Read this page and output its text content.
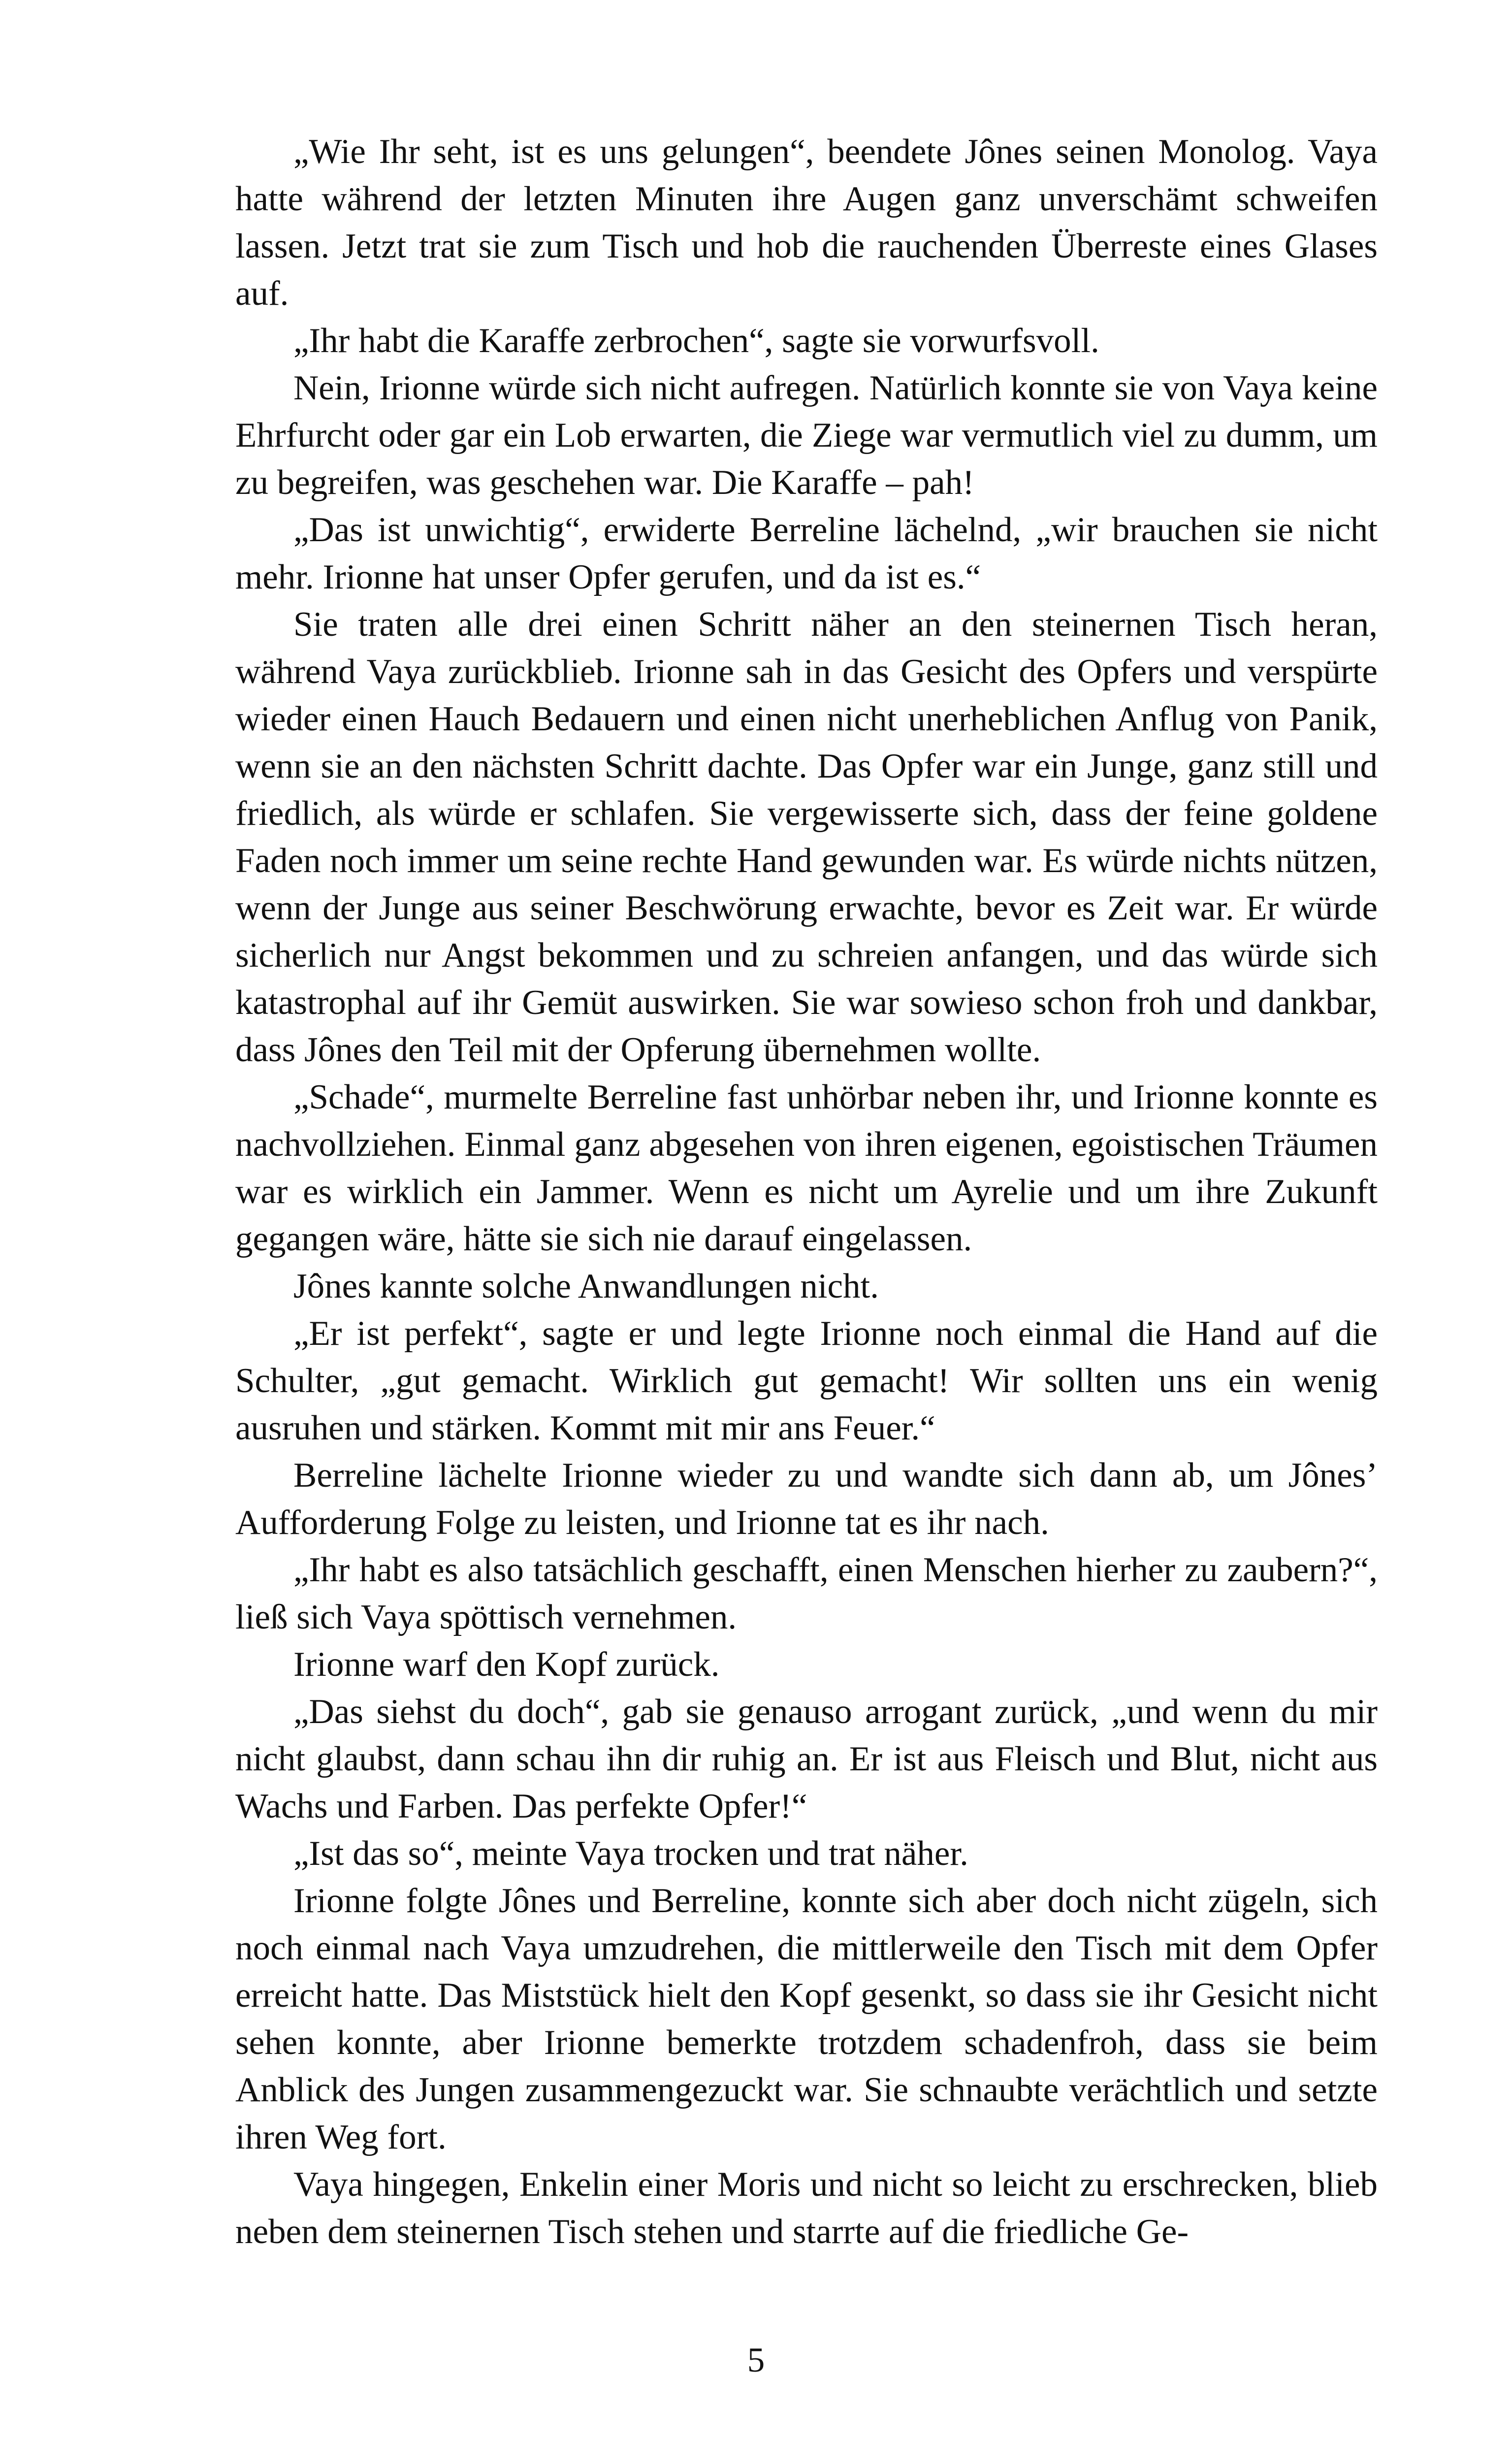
„Wie Ihr seht, ist es uns gelungen“, beendete Jônes seinen Monolog. Vaya hatte während der letzten Minuten ihre Augen ganz unverschämt schweifen lassen. Jetzt trat sie zum Tisch und hob die rauchenden Überreste eines Glases auf.

„Ihr habt die Karaffe zerbrochen“, sagte sie vorwurfsvoll.

Nein, Irionne würde sich nicht aufregen. Natürlich konnte sie von Vaya keine Ehrfurcht oder gar ein Lob erwarten, die Ziege war vermutlich viel zu dumm, um zu begreifen, was geschehen war. Die Karaffe – pah!

„Das ist unwichtig“, erwiderte Berreline lächelnd, „wir brauchen sie nicht mehr. Irionne hat unser Opfer gerufen, und da ist es.“

Sie traten alle drei einen Schritt näher an den steinernen Tisch heran, während Vaya zurückblieb. Irionne sah in das Gesicht des Opfers und verspürte wieder einen Hauch Bedauern und einen nicht unerheblichen Anflug von Panik, wenn sie an den nächsten Schritt dachte. Das Opfer war ein Junge, ganz still und friedlich, als würde er schlafen. Sie vergewisserte sich, dass der feine goldene Faden noch immer um seine rechte Hand gewunden war. Es würde nichts nützen, wenn der Junge aus seiner Beschwörung erwachte, bevor es Zeit war. Er würde sicherlich nur Angst bekommen und zu schreien anfangen, und das würde sich katastrophal auf ihr Gemüt auswirken. Sie war sowieso schon froh und dankbar, dass Jônes den Teil mit der Opferung übernehmen wollte.

„Schade“, murmelte Berreline fast unhörbar neben ihr, und Irionne konnte es nachvollziehen. Einmal ganz abgesehen von ihren eigenen, egoistischen Träumen war es wirklich ein Jammer. Wenn es nicht um Ayrelie und um ihre Zukunft gegangen wäre, hätte sie sich nie darauf eingelassen.

Jônes kannte solche Anwandlungen nicht.

„Er ist perfekt“, sagte er und legte Irionne noch einmal die Hand auf die Schulter, „gut gemacht. Wirklich gut gemacht! Wir sollten uns ein wenig ausruhen und stärken. Kommt mit mir ans Feuer.“

Berreline lächelte Irionne wieder zu und wandte sich dann ab, um Jônes’ Aufforderung Folge zu leisten, und Irionne tat es ihr nach.

„Ihr habt es also tatsächlich geschafft, einen Menschen hierher zu zaubern?“, ließ sich Vaya spöttisch vernehmen.

Irionne warf den Kopf zurück.

„Das siehst du doch“, gab sie genauso arrogant zurück, „und wenn du mir nicht glaubst, dann schau ihn dir ruhig an. Er ist aus Fleisch und Blut, nicht aus Wachs und Farben. Das perfekte Opfer!“

„Ist das so“, meinte Vaya trocken und trat näher.

Irionne folgte Jônes und Berreline, konnte sich aber doch nicht zügeln, sich noch einmal nach Vaya umzudrehen, die mittlerweile den Tisch mit dem Opfer erreicht hatte. Das Miststück hielt den Kopf gesenkt, so dass sie ihr Gesicht nicht sehen konnte, aber Irionne bemerkte trotzdem schadenfroh, dass sie beim Anblick des Jungen zusammengezuckt war. Sie schnaubte verächtlich und setzte ihren Weg fort.

Vaya hingegen, Enkelin einer Moris und nicht so leicht zu erschrecken, blieb neben dem steinernen Tisch stehen und starrte auf die friedliche Ge-

5
